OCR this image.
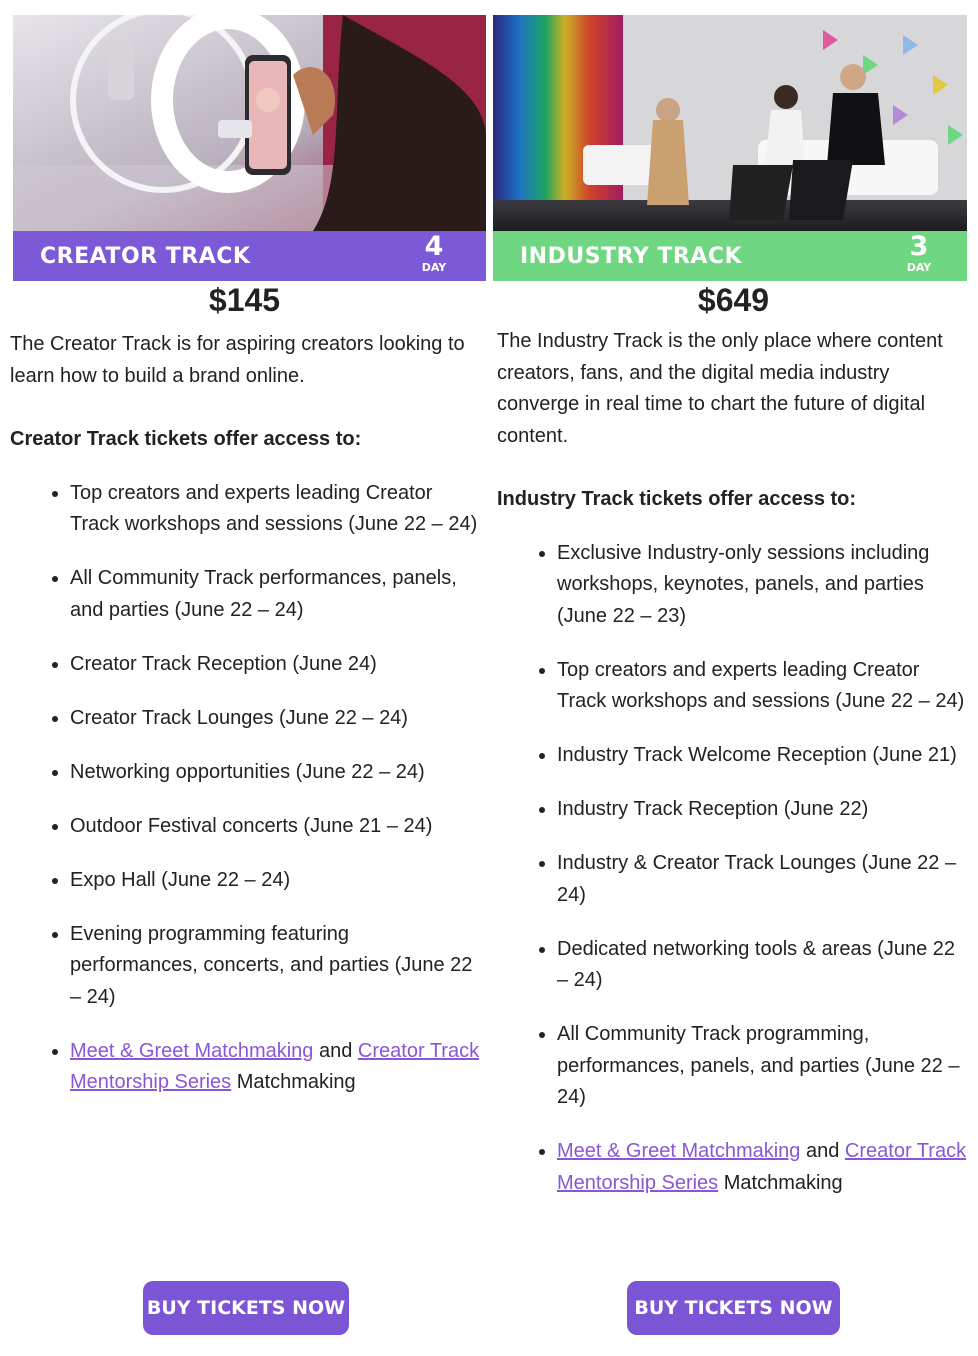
CREATOR TRACK	4
DAY
$145

The Creator Track is for aspiring creators looking to learn how to build a brand online.

Creator Track tickets offer access to:

• Top creators and experts leading Creator Track workshops and sessions (June 22 – 24)
• All Community Track performances, panels, and parties (June 22 – 24)
• Creator Track Reception (June 24)
• Creator Track Lounges (June 22 – 24)
• Networking opportunities (June 22 – 24)
• Outdoor Festival concerts (June 21 – 24)
• Expo Hall (June 22 – 24)
• Evening programming featuring performances, concerts, and parties (June 22 – 24)
• Meet & Greet Matchmaking and Creator Track Mentorship Series Matchmaking
BUY TICKETS NOW
INDUSTRY TRACK	3
DAY
$649

The Industry Track is the only place where content creators, fans, and the digital media industry converge in real time to chart the future of digital content.

Industry Track tickets offer access to:

• Exclusive Industry-only sessions including workshops, keynotes, panels, and parties (June 22 – 23)
• Top creators and experts leading Creator Track workshops and sessions (June 22 – 24)
• Industry Track Welcome Reception (June 21)
• Industry Track Reception (June 22)
• Industry & Creator Track Lounges (June 22 – 24)
• Dedicated networking tools & areas (June 22 – 24)
• All Community Track programming, performances, panels, and parties (June 22 – 24)
• Meet & Greet Matchmaking and Creator Track Mentorship Series Matchmaking
BUY TICKETS NOW
